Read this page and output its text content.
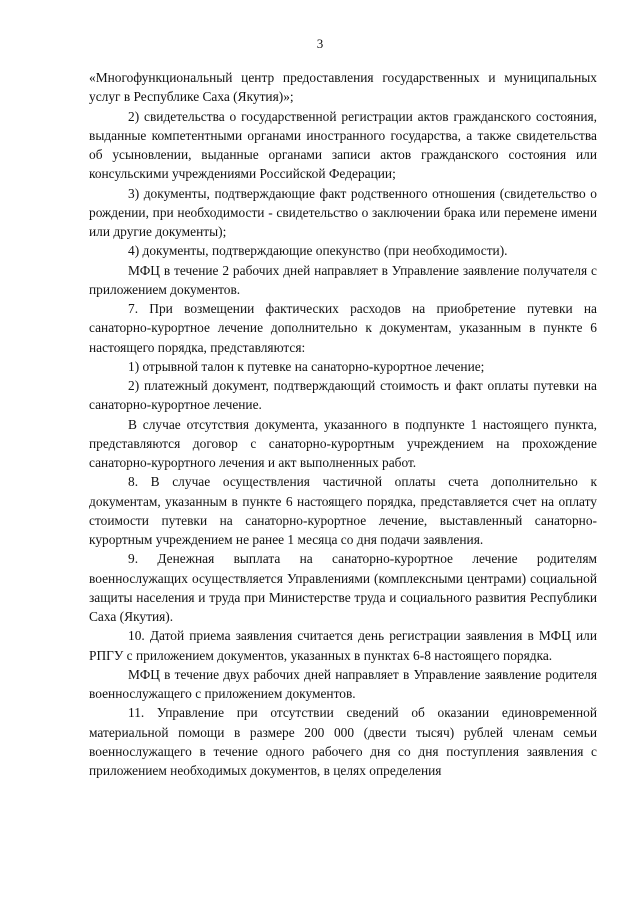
3

«Многофункциональный центр предоставления государственных и муниципальных услуг в Республике Саха (Якутия)»;

2) свидетельства о государственной регистрации актов гражданского состояния, выданные компетентными органами иностранного государства, а также свидетельства об усыновлении, выданные органами записи актов гражданского состояния или консульскими учреждениями Российской Федерации;

3) документы, подтверждающие факт родственного отношения (свидетельство о рождении, при необходимости - свидетельство о заключении брака или перемене имени или другие документы);

4) документы, подтверждающие опекунство (при необходимости).

МФЦ в течение 2 рабочих дней направляет в Управление заявление получателя с приложением документов.

7. При возмещении фактических расходов на приобретение путевки на санаторно-курортное лечение дополнительно к документам, указанным в пункте 6 настоящего порядка, представляются:

1) отрывной талон к путевке на санаторно-курортное лечение;

2) платежный документ, подтверждающий стоимость и факт оплаты путевки на санаторно-курортное лечение.

В случае отсутствия документа, указанного в подпункте 1 настоящего пункта, представляются договор с санаторно-курортным учреждением на прохождение санаторно-курортного лечения и акт выполненных работ.

8. В случае осуществления частичной оплаты счета дополнительно к документам, указанным в пункте 6 настоящего порядка, представляется счет на оплату стоимости путевки на санаторно-курортное лечение, выставленный санаторно-курортным учреждением не ранее 1 месяца со дня подачи заявления.

9. Денежная выплата на санаторно-курортное лечение родителям военнослужащих осуществляется Управлениями (комплексными центрами) социальной защиты населения и труда при Министерстве труда и социального развития Республики Саха (Якутия).

10. Датой приема заявления считается день регистрации заявления в МФЦ или РПГУ с приложением документов, указанных в пунктах 6-8 настоящего порядка.

МФЦ в течение двух рабочих дней направляет в Управление заявление родителя военнослужащего с приложением документов.

11. Управление при отсутствии сведений об оказании единовременной материальной помощи в размере 200 000 (двести тысяч) рублей членам семьи военнослужащего в течение одного рабочего дня со дня поступления заявления с приложением необходимых документов, в целях определения
